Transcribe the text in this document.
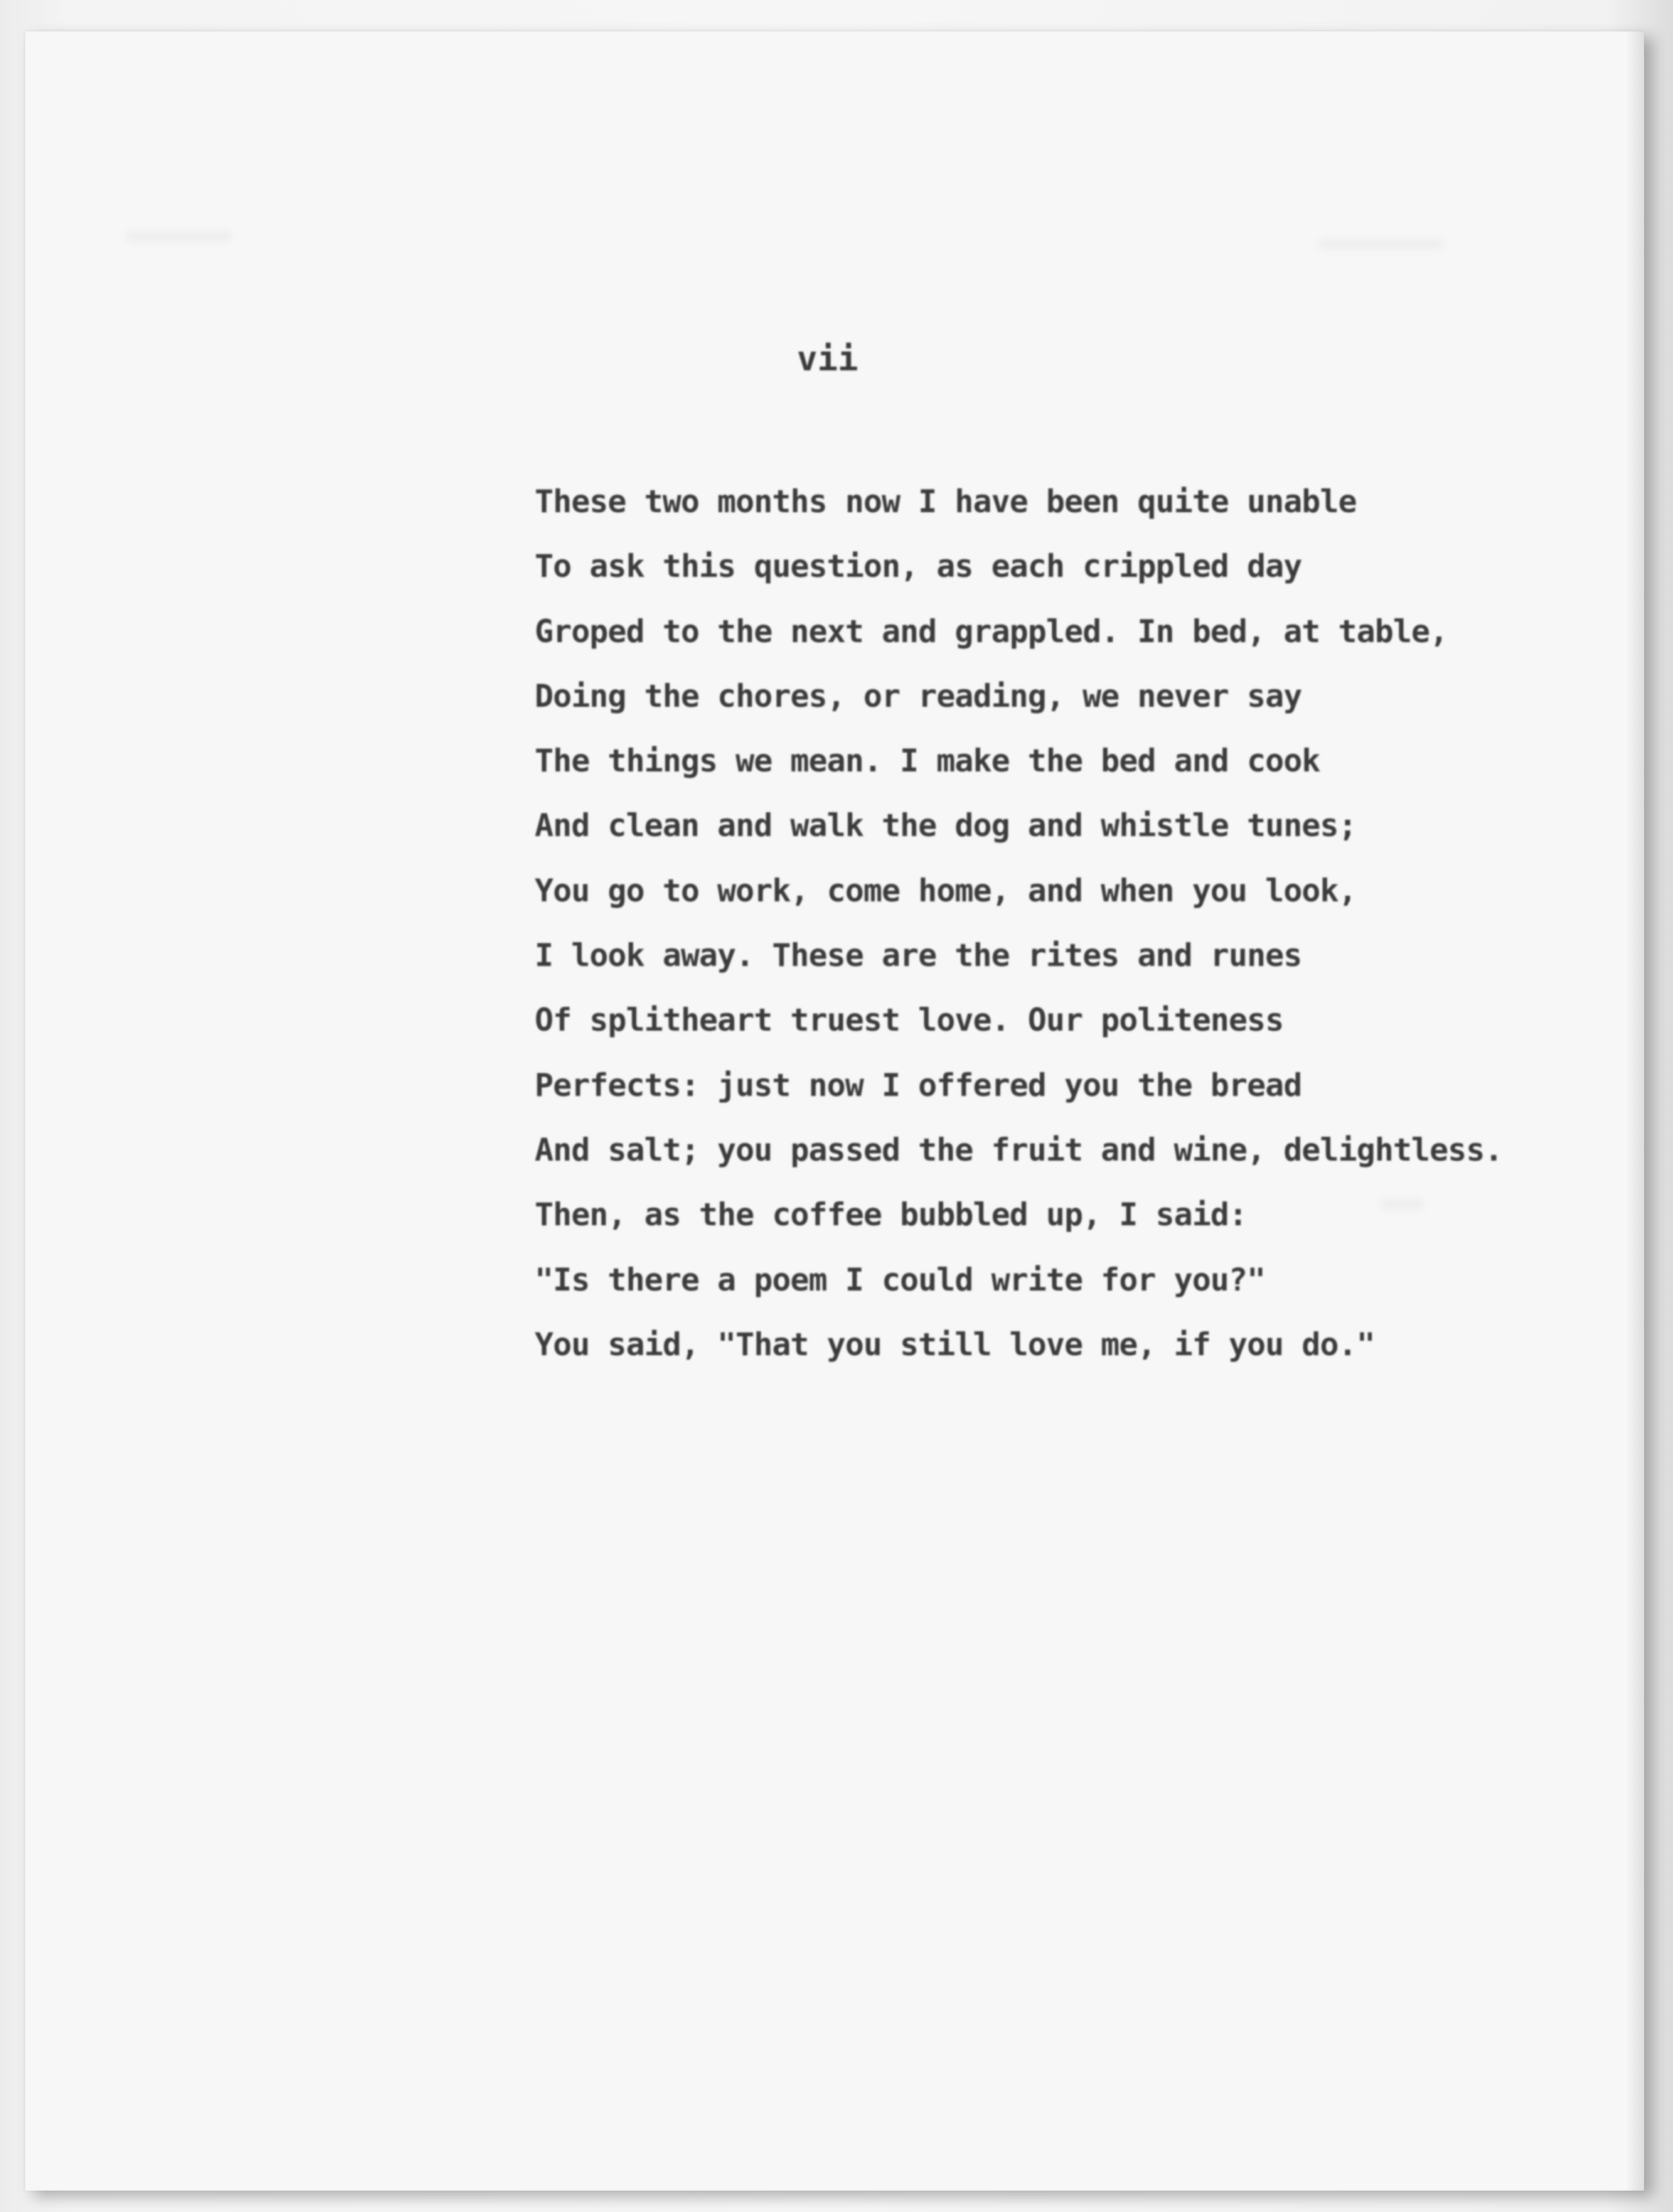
vii

These two months now I have been quite unable
To ask this question, as each crippled day
Groped to the next and grappled. In bed, at table,
Doing the chores, or reading, we never say
The things we mean. I make the bed and cook
And clean and walk the dog and whistle tunes;
You go to work, come home, and when you look,
I look away. These are the rites and runes
Of splitheart truest love. Our politeness
Perfects: just now I offered you the bread
And salt; you passed the fruit and wine, delightless.
Then, as the coffee bubbled up, I said:
"Is there a poem I could write for you?"
You said, "That you still love me, if you do."
